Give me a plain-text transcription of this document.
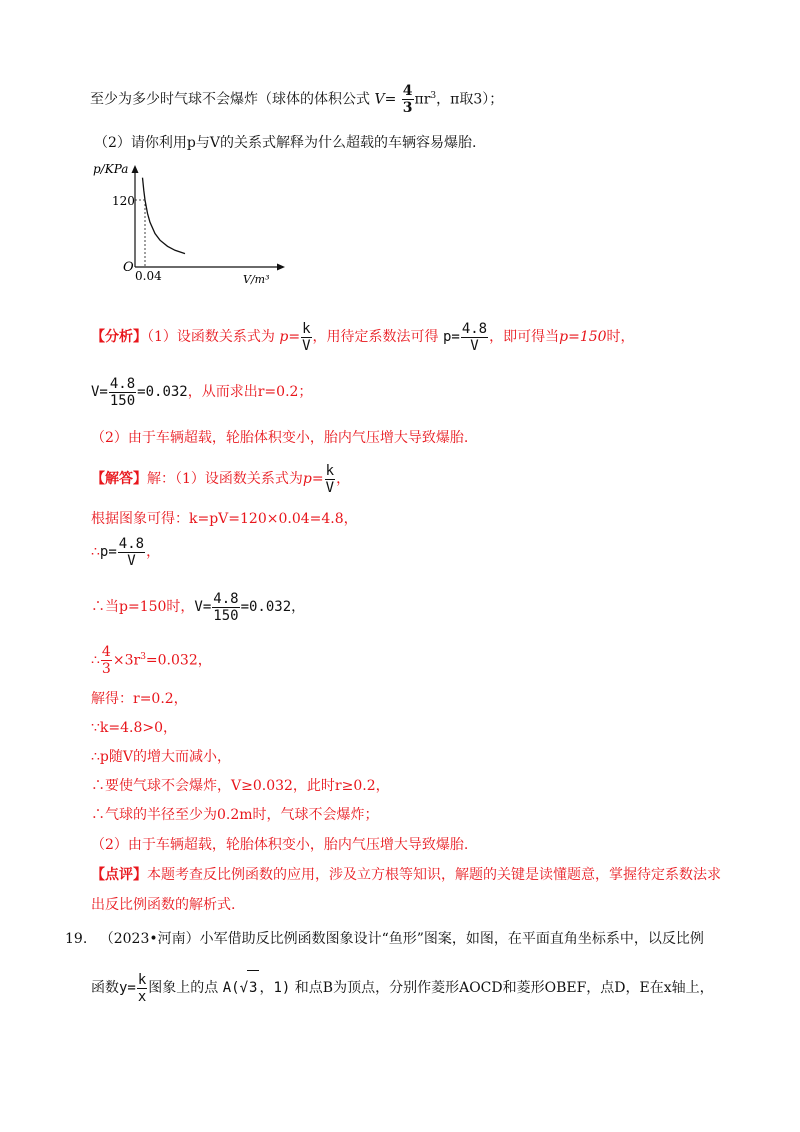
至少为多少时气球不会爆炸（球体的体积公式 $V= \frac{4}{3} \pi r^3$，π取3）；
（2）请你利用p与V的关系式解释为什么超载的车辆容易爆胎.
p/KPa
120
O
0.04	V/m³
【分析】（1）设函数关系式为 $p= \frac{k}{V}$ ，用待定系数法可得 $p= \frac{4.8}{V}$ ，即可得当p=150时，
$V= \frac{4.8}{150} =0.032$，从而求出r=0.2；
（2）由于车辆超载，轮胎体积变小，胎内气压增大导致爆胎.
【解答】解：（1）设函数关系式为$p= \frac{k}{V}$ ，
根据图象可得：k=pV=120×0.04=4.8，
∴p= $\frac{4.8}{V}$ ，
∴当p=150时，$V= \frac{4.8}{150} =0.032$，
∴ $\frac{4}{3} \times 3r^3=0.032$，
解得：r=0.2，
∵k=4.8>0，
∴p随V的增大而减小，
∴要使气球不会爆炸，V≥0.032，此时r≥0.2，
∴气球的半径至少为0.2m时，气球不会爆炸；
（2）由于车辆超载，轮胎体积变小，胎内气压增大导致爆胎.
【点评】本题考查反比例函数的应用，涉及立方根等知识，解题的关键是读懂题意，掌握待定系数法求
出反比例函数的解析式.
19. （2023•河南）小军借助反比例函数图象设计“鱼形”图案，如图，在平面直角坐标系中，以反比例
函数$y= \frac{k}{x}$ 图象上的点 A(√3 ，1) 和点B为顶点，分别作菱形AOCD和菱形OBEF，点D，E在x轴上，
